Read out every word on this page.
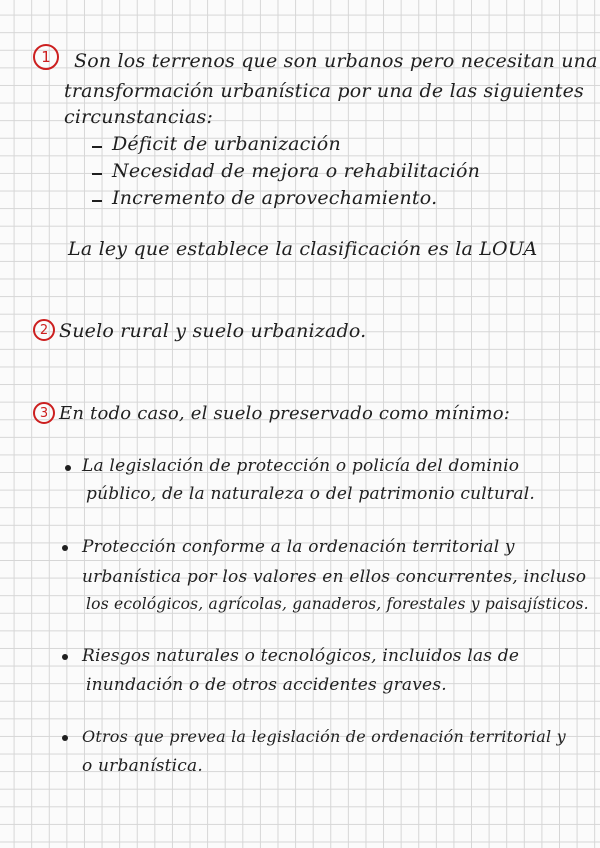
1	Son los terrenos que son urbanos pero necesitan una
transformación urbanística por una de las siguientes
circunstancias:
Déficit de urbanización
Necesidad de mejora o rehabilitación
Incremento de aprovechamiento.
La ley que establece la clasificación es la LOUA
2 Suelo rural y suelo urbanizado.
3 En todo caso, el suelo preservado como mínimo:
La legislación de protección o policía del dominio
público, de la naturaleza o del patrimonio cultural.
Protección conforme a la ordenación territorial y
urbanística por los valores en ellos concurrentes, incluso
los ecológicos, agrícolas, ganaderos, forestales y paisajísticos.
Riesgos naturales o tecnológicos, incluidos las de
inundación o de otros accidentes graves.
Otros que prevea la legislación de ordenación territorial y
o urbanística.
